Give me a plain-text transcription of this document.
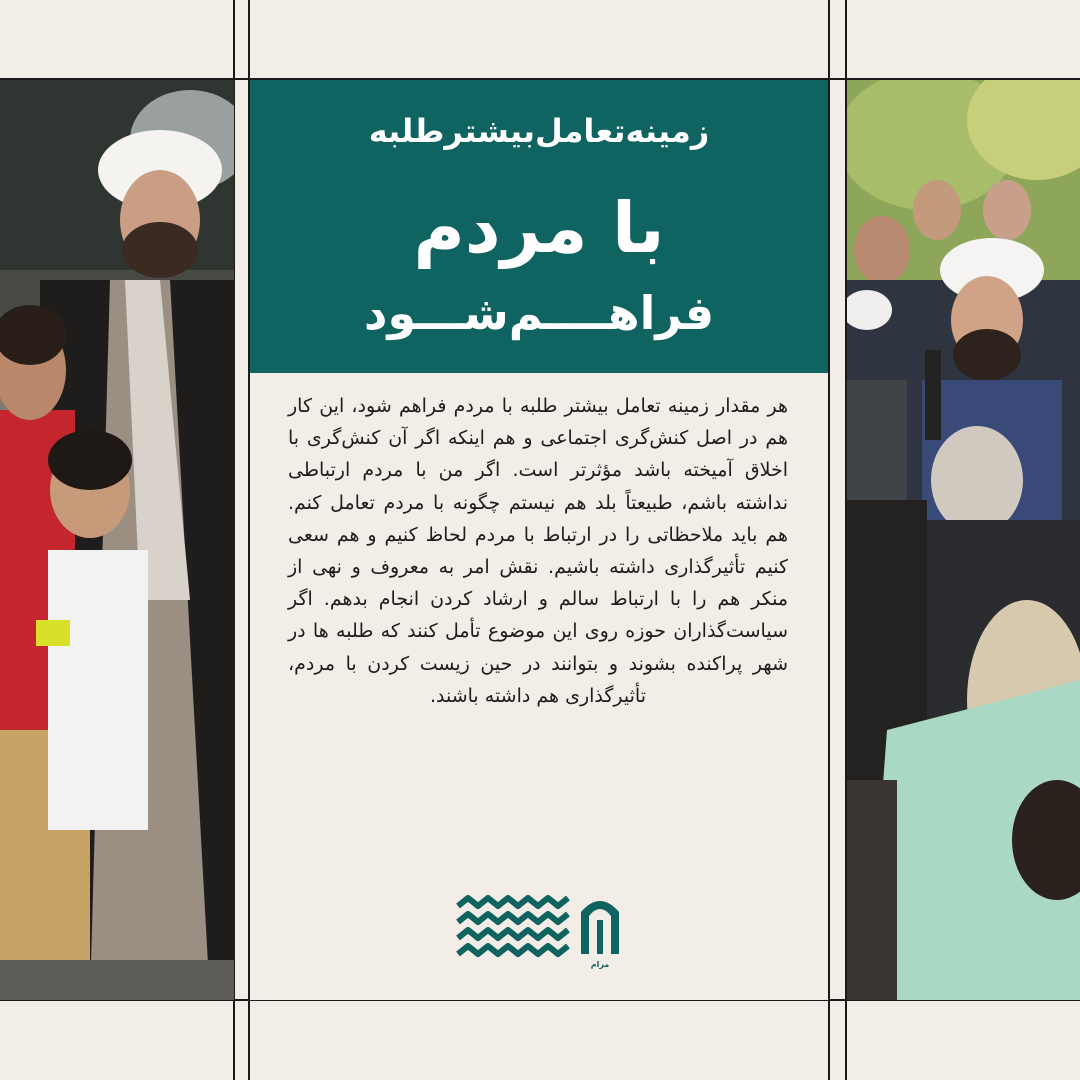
زمینه‌تعامل‌بیشتر‌طلبه
با مردم
فراهــــم‌شـــود
هر مقدار زمینه تعامل بیشتر طلبه با مردم فراهم شود، این کار هم در اصل کنش‌گری اجتماعی و هم اینکه اگر آن کنش‌گری با اخلاق آمیخته باشد مؤثرتر است. اگر من با مردم ارتباطی نداشته باشم، طبیعتاً بلد هم نیستم چگونه با مردم تعامل کنم. هم باید ملاحظاتی را در ارتباط با مردم لحاظ کنیم و هم سعی کنیم تأثیرگذاری داشته باشیم. نقش امر به معروف و نهی از منکر هم را با ارتباط سالم و ارشاد کردن انجام بدهم. اگر سیاست‌گذاران حوزه روی این موضوع تأمل کنند که طلبه ها در شهر پراکنده بشوند و بتوانند در حین زیست کردن با مردم، تأثیرگذاری هم داشته باشند.
مرام
